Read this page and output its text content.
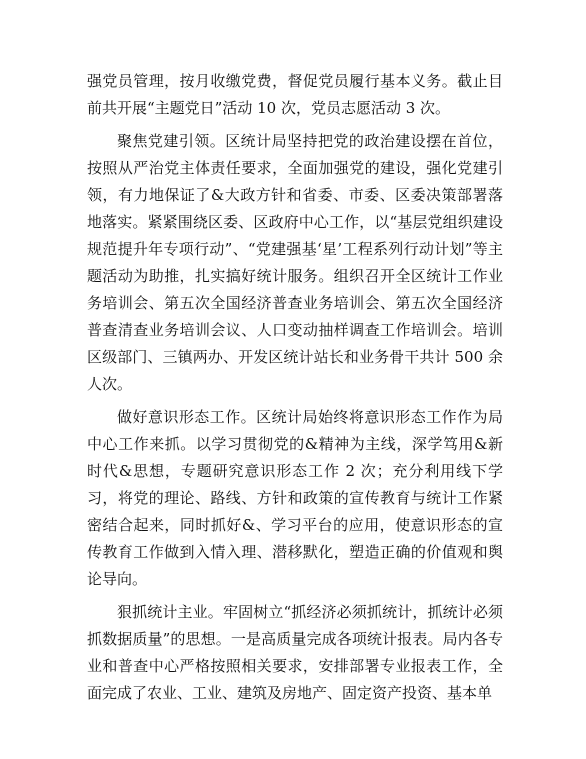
强党员管理，按月收缴党费，督促党员履行基本义务。截止目前共开展“主题党日”活动 10 次，党员志愿活动 3 次。

聚焦党建引领。区统计局坚持把党的政治建设摆在首位，按照从严治党主体责任要求，全面加强党的建设，强化党建引领，有力地保证了&大政方针和省委、市委、区委决策部署落地落实。紧紧围绕区委、区政府中心工作，以“基层党组织建设规范提升年专项行动”、“党建强基‘星’工程系列行动计划”等主题活动为助推，扎实搞好统计服务。组织召开全区统计工作业务培训会、第五次全国经济普查业务培训会、第五次全国经济普查清查业务培训会议、人口变动抽样调查工作培训会。培训区级部门、三镇两办、开发区统计站长和业务骨干共计 500 余人次。

做好意识形态工作。区统计局始终将意识形态工作作为局中心工作来抓。以学习贯彻党的&精神为主线，深学笃用&新时代&思想，专题研究意识形态工作 2 次；充分利用线下学习，将党的理论、路线、方针和政策的宣传教育与统计工作紧密结合起来，同时抓好&、学习平台的应用，使意识形态的宣传教育工作做到入情入理、潜移默化，塑造正确的价值观和舆论导向。

狠抓统计主业。牢固树立“抓经济必须抓统计，抓统计必须抓数据质量”的思想。一是高质量完成各项统计报表。局内各专业和普查中心严格按照相关要求，安排部署专业报表工作，全面完成了农业、工业、建筑及房地产、固定资产投资、基本单
